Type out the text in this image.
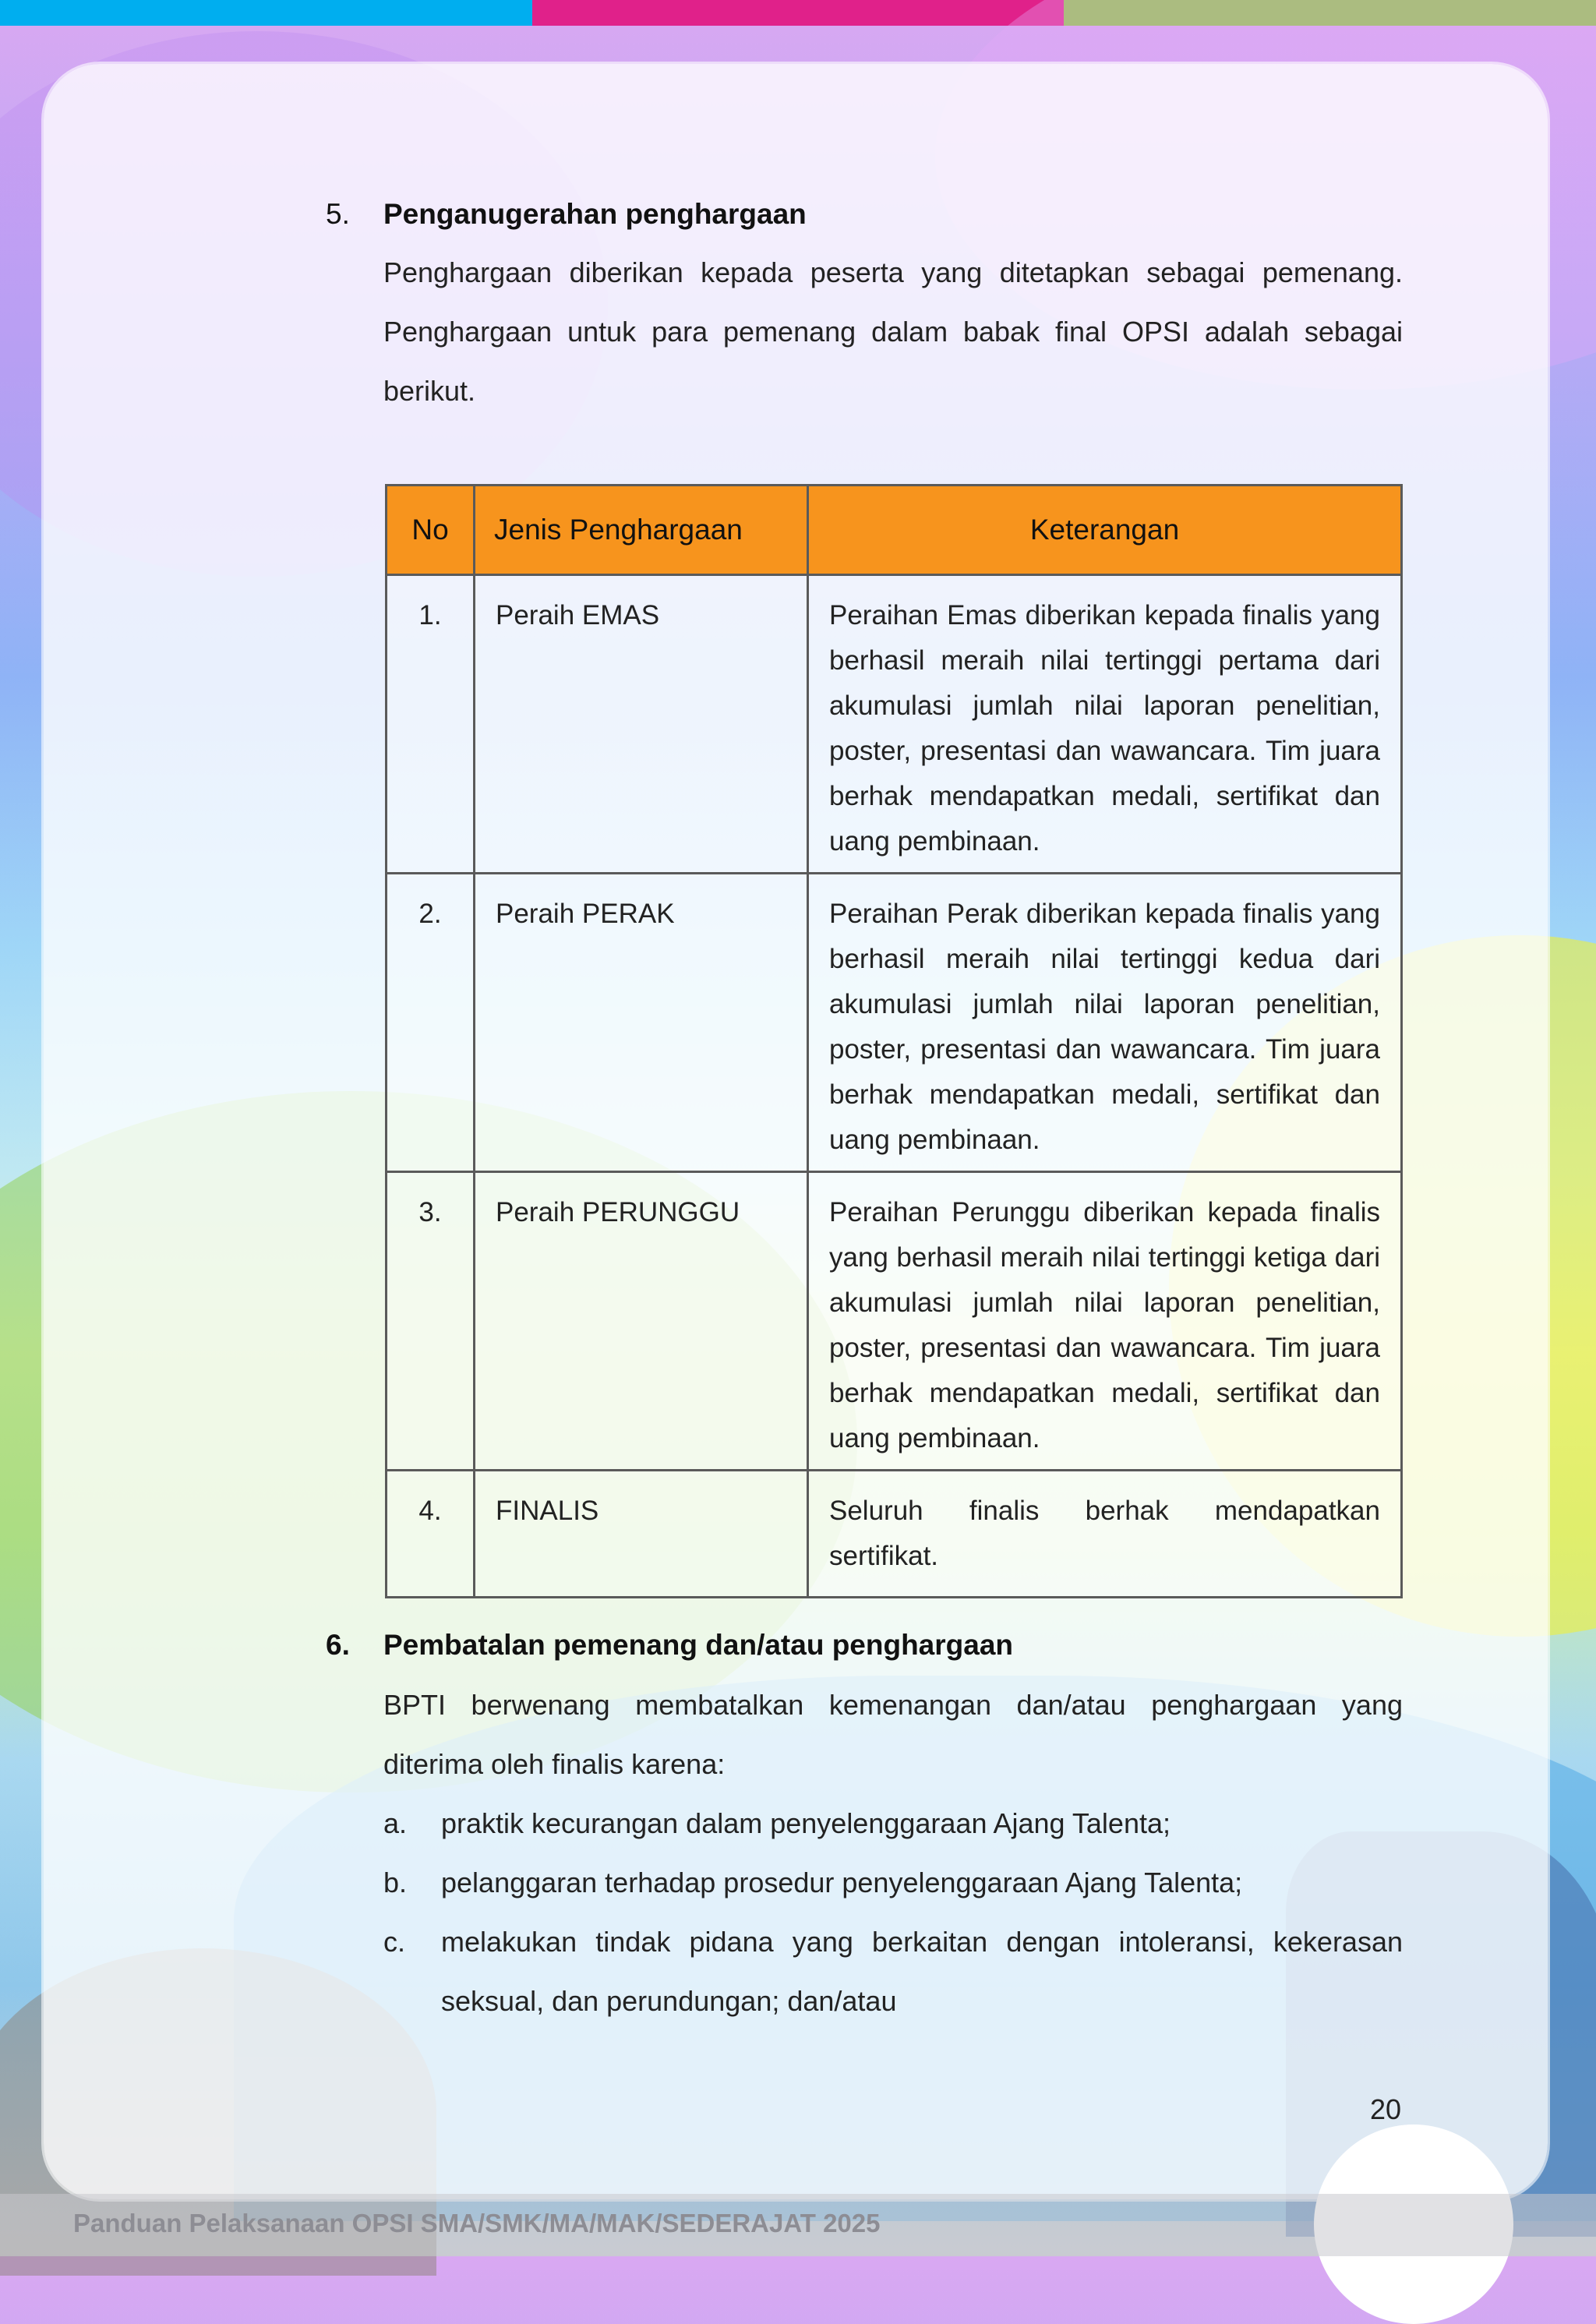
5. Penganugerahan penghargaan
Penghargaan diberikan kepada peserta yang ditetapkan sebagai pemenang. Penghargaan untuk para pemenang dalam babak final OPSI adalah sebagai berikut.
No	Jenis Penghargaan	Keterangan
1.	Peraih EMAS	Peraihan Emas diberikan kepada finalis yang berhasil meraih nilai tertinggi pertama dari akumulasi jumlah nilai laporan penelitian, poster, presentasi dan wawancara. Tim juara berhak mendapatkan medali, sertifikat dan uang pembinaan.
2.	Peraih PERAK	Peraihan Perak diberikan kepada finalis yang berhasil meraih nilai tertinggi kedua dari akumulasi jumlah nilai laporan penelitian, poster, presentasi dan wawancara. Tim juara berhak mendapatkan medali, sertifikat dan uang pembinaan.
3.	Peraih PERUNGGU	Peraihan Perunggu diberikan kepada finalis yang berhasil meraih nilai tertinggi ketiga dari akumulasi jumlah nilai laporan penelitian, poster, presentasi dan wawancara. Tim juara berhak mendapatkan medali, sertifikat dan uang pembinaan.
4.	FINALIS	Seluruh finalis berhak mendapatkan sertifikat.
6. Pembatalan pemenang dan/atau penghargaan
BPTI berwenang membatalkan kemenangan dan/atau penghargaan yang diterima oleh finalis karena:
a. praktik kecurangan dalam penyelenggaraan Ajang Talenta;
b. pelanggaran terhadap prosedur penyelenggaraan Ajang Talenta;
c. melakukan tindak pidana yang berkaitan dengan intoleransi, kekerasan seksual, dan perundungan; dan/atau
20
Panduan Pelaksanaan OPSI SMA/SMK/MA/MAK/SEDERAJAT 2025
